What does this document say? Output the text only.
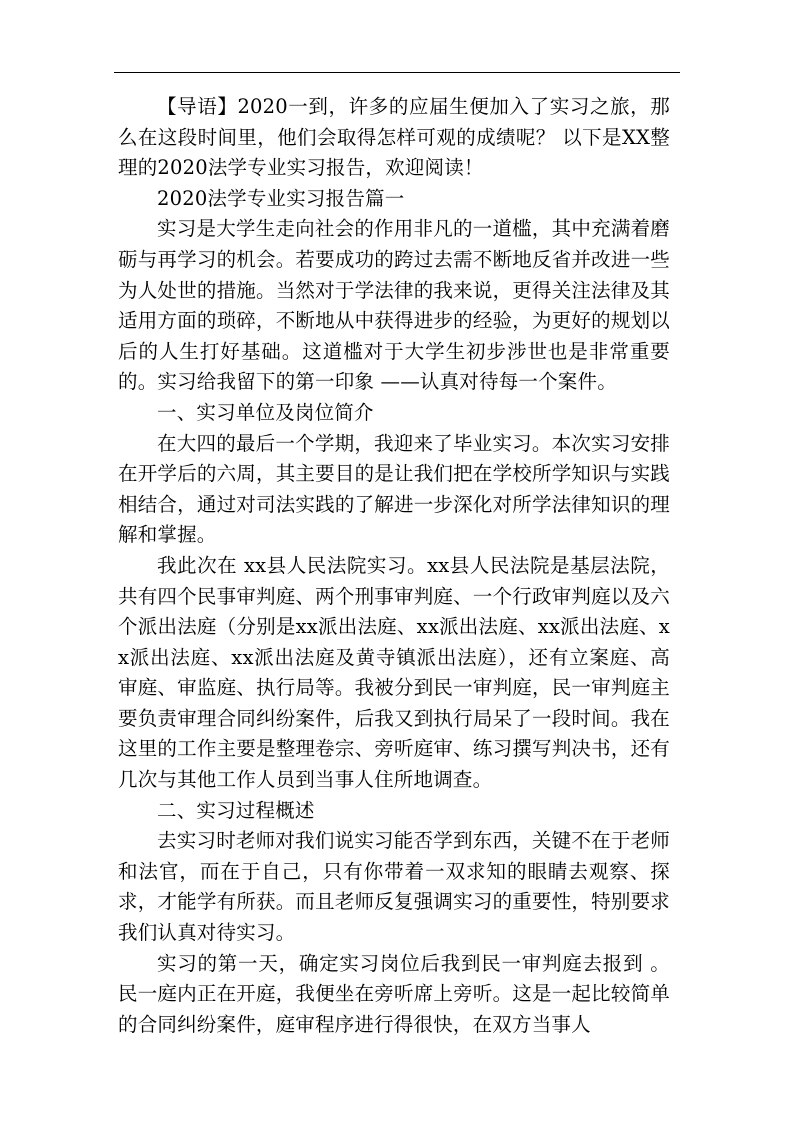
【导语】2020一到，许多的应届生便加入了实习之旅，那么在这段时间里，他们会取得怎样可观的成绩呢？ 以下是XX整理的2020法学专业实习报告，欢迎阅读！

2020法学专业实习报告篇一

实习是大学生走向社会的作用非凡的一道槛，其中充满着磨砺与再学习的机会。若要成功的跨过去需不断地反省并改进一些为人处世的措施。当然对于学法律的我来说，更得关注法律及其适用方面的琐碎，不断地从中获得进步的经验，为更好的规划以后的人生打好基础。这道槛对于大学生初步涉世也是非常重要的。实习给我留下的第一印象 ——认真对待每一个案件。

一、实习单位及岗位简介

在大四的最后一个学期，我迎来了毕业实习。本次实习安排在开学后的六周，其主要目的是让我们把在学校所学知识与实践相结合，通过对司法实践的了解进一步深化对所学法律知识的理解和掌握。

我此次在 xx县人民法院实习。xx县人民法院是基层法院，共有四个民事审判庭、两个刑事审判庭、一个行政审判庭以及六个派出法庭（分别是xx派出法庭、xx派出法庭、xx派出法庭、xx派出法庭、xx派出法庭及黄寺镇派出法庭），还有立案庭、高审庭、审监庭、执行局等。我被分到民一审判庭，民一审判庭主要负责审理合同纠纷案件，后我又到执行局呆了一段时间。我在这里的工作主要是整理卷宗、旁听庭审、练习撰写判决书，还有几次与其他工作人员到当事人住所地调查。

二、实习过程概述

去实习时老师对我们说实习能否学到东西，关键不在于老师和法官，而在于自己，只有你带着一双求知的眼睛去观察、探求，才能学有所获。而且老师反复强调实习的重要性，特别要求我们认真对待实习。

实习的第一天，确定实习岗位后我到民一审判庭去报到 。民一庭内正在开庭，我便坐在旁听席上旁听。这是一起比较简单的合同纠纷案件，庭审程序进行得很快，在双方当事人
